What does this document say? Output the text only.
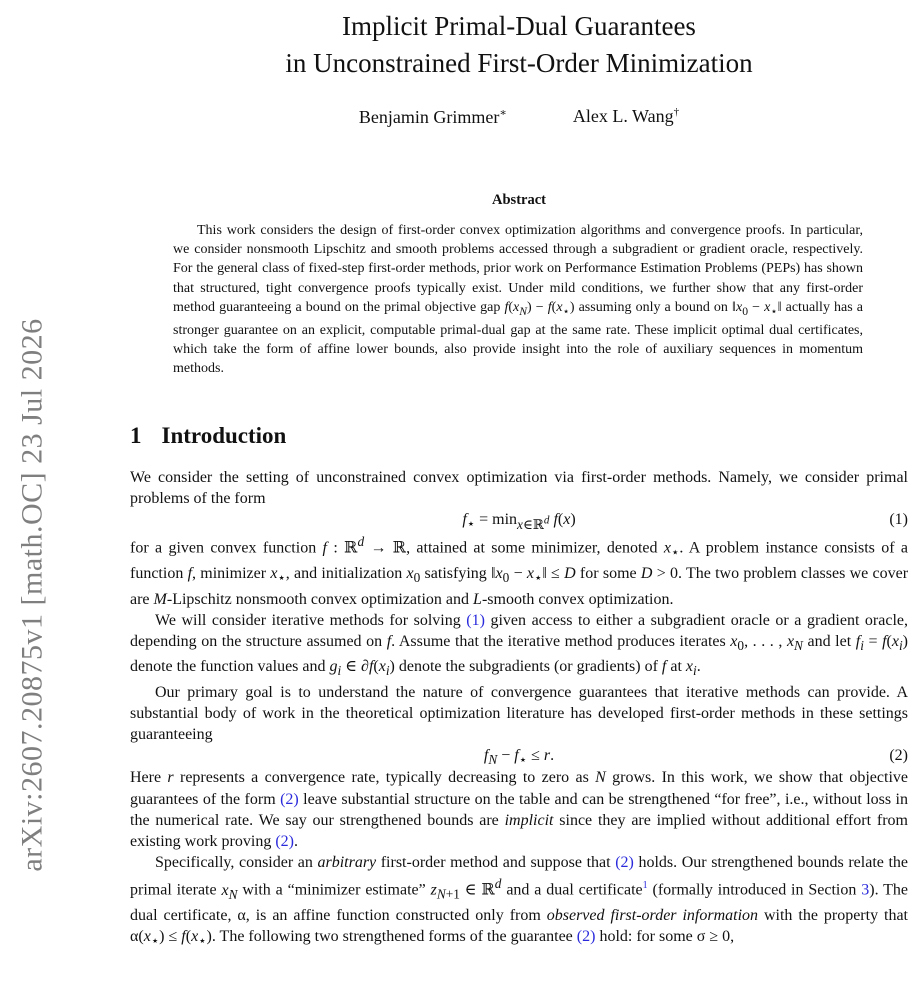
arXiv:2607.20875v1 [math.OC] 23 Jul 2026
Implicit Primal-Dual Guarantees
in Unconstrained First-Order Minimization
Benjamin Grimmer∗	Alex L. Wang†
Abstract

This work considers the design of first-order convex optimization algorithms and convergence proofs. In particular, we consider nonsmooth Lipschitz and smooth problems accessed through a subgradient or gradient oracle, respectively. For the general class of fixed-step first-order methods, prior work on Performance Estimation Problems (PEPs) has shown that structured, tight convergence proofs typically exist. Under mild conditions, we further show that any first-order method guaranteeing a bound on the primal objective gap $f(x_N) - f(x_⋆)$ assuming only a bound on $‖x_0$ − $x_⋆‖$ actually has a stronger guarantee on an explicit, computable primal-dual gap at the same rate. These implicit optimal dual certificates, which take the form of affine lower bounds, also provide insight into the role of auxiliary sequences in momentum methods.

1 Introduction

We consider the setting of unconstrained convex optimization via first-order methods. Namely, we consider primal problems of the form

$f_⋆ = \min_{x\in ℝ^d} f(x)$	(1)

for a given convex function f : ℝ$^d$ → ℝ, attained at some minimizer, denoted $x_⋆$. A problem instance consists of a function f, minimizer $x_⋆$, and initialization $x_0$ satisfying $‖x_0$ − $x_⋆‖ \le D$ for some D > 0. The two problem classes we cover are M-Lipschitz nonsmooth convex optimization and L-smooth convex optimization.

We will consider iterative methods for solving (1) given access to either a subgradient oracle or a gradient oracle, depending on the structure assumed on f. Assume that the iterative method produces iterates $x_0$, . . . , $x_N$ and let $f_i = f(x_i)$ denote the function values and $g_i$ ∈ $\partial f(x_i)$ denote the subgradients (or gradients) of f at $x_i$.

Our primary goal is to understand the nature of convergence guarantees that iterative methods can provide. A substantial body of work in the theoretical optimization literature has developed first-order methods in these settings guaranteeing

$f_N - f_⋆ \le r$.	(2)

Here r represents a convergence rate, typically decreasing to zero as N grows. In this work, we show that objective guarantees of the form (2) leave substantial structure on the table and can be strengthened “for free”, i.e., without loss in the numerical rate. We say our strengthened bounds are implicit since they are implied without additional effort from existing work proving (2).

Specifically, consider an arbitrary first-order method and suppose that (2) holds. Our strengthened bounds relate the primal iterate $x_N$ with a “minimizer estimate” $z_{N+1}$ ∈ ℝ$^d$ and a dual certificate$^1$ (formally introduced in Section 3). The dual certificate, α, is an affine function constructed only from observed first-order information with the property that $\alpha(x_⋆) \le f(x_⋆)$. The following two strengthened forms of the guarantee (2) hold: for some σ ≥ 0,
